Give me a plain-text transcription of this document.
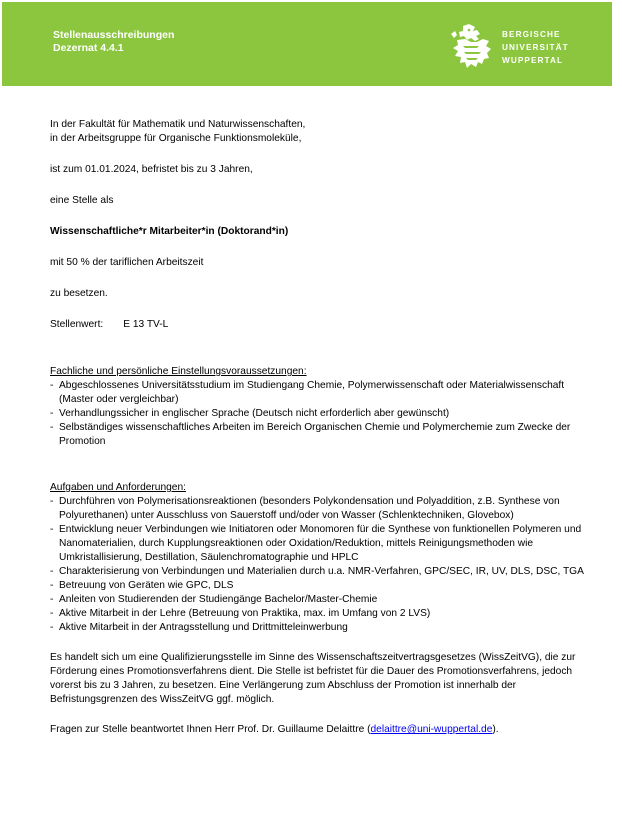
Stellenausschreibungen
Dezernat 4.4.1
BERGISCHE
UNIVERSITÄT
WUPPERTAL

In der Fakultät für Mathematik und Naturwissenschaften,

in der Arbeitsgruppe für Organische Funktionsmoleküle,

ist zum 01.01.2024, befristet bis zu 3 Jahren,

eine Stelle als

Wissenschaftliche*r Mitarbeiter*in (Doktorand*in)

mit 50 % der tariflichen Arbeitszeit

zu besetzen.

Stellenwert: E 13 TV-L

Fachliche und persönliche Einstellungsvoraussetzungen:

- Abgeschlossenes Universitätsstudium im Studiengang Chemie, Polymerwissenschaft oder Materialwissenschaft (Master oder vergleichbar)
- Verhandlungssicher in englischer Sprache (Deutsch nicht erforderlich aber gewünscht)
- Selbständiges wissenschaftliches Arbeiten im Bereich Organischen Chemie und Polymerchemie zum Zwecke der Promotion

Aufgaben und Anforderungen:

- Durchführen von Polymerisationsreaktionen (besonders Polykondensation und Polyaddition, z.B. Synthese von Polyurethanen) unter Ausschluss von Sauerstoff und/oder von Wasser (Schlenktechniken, Glovebox)
- Entwicklung neuer Verbindungen wie Initiatoren oder Monomoren für die Synthese von funktionellen Polymeren und Nanomaterialien, durch Kupplungsreaktionen oder Oxidation/Reduktion, mittels Reinigungsmethoden wie Umkristallisierung, Destillation, Säulenchromatographie und HPLC
- Charakterisierung von Verbindungen und Materialien durch u.a. NMR-Verfahren, GPC/SEC, IR, UV, DLS, DSC, TGA
- Betreuung von Geräten wie GPC, DLS
- Anleiten von Studierenden der Studiengänge Bachelor/Master-Chemie
- Aktive Mitarbeit in der Lehre (Betreuung von Praktika, max. im Umfang von 2 LVS)
- Aktive Mitarbeit in der Antragsstellung und Drittmitteleinwerbung

Es handelt sich um eine Qualifizierungsstelle im Sinne des Wissenschaftszeitvertragsgesetzes (WissZeitVG), die zur Förderung eines Promotionsverfahrens dient. Die Stelle ist befristet für die Dauer des Promotionsverfahrens, jedoch vorerst bis zu 3 Jahren, zu besetzen. Eine Verlängerung zum Abschluss der Promotion ist innerhalb der Befristungsgrenzen des WissZeitVG ggf. möglich.

Fragen zur Stelle beantwortet Ihnen Herr Prof. Dr. Guillaume Delaittre (delaittre@uni-wuppertal.de).
